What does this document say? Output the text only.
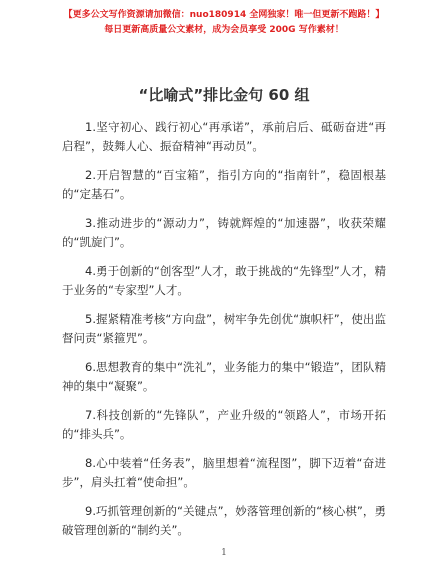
【更多公文写作资源请加微信：nuo180914 全网独家！唯一但更新不跑路！】
每日更新高质量公文素材，成为会员享受 200G 写作素材！
“比喻式”排比金句 60 组
1.坚守初心、践行初心“再承诺”，承前启后、砥砺奋进“再启程”，鼓舞人心、振奋精神“再动员”。
2.开启智慧的“百宝箱”，指引方向的“指南针”，稳固根基的“定基石”。
3.推动进步的“源动力”，铸就辉煌的“加速器”，收获荣耀的“凯旋门”。
4.勇于创新的“创客型”人才，敢于挑战的“先锋型”人才，精于业务的“专家型”人才。
5.握紧精准考核“方向盘”，树牢争先创优“旗帜杆”，使出监督问责“紧箍咒”。
6.思想教育的集中“洗礼”，业务能力的集中“锻造”，团队精神的集中“凝聚”。
7.科技创新的“先锋队”，产业升级的“领路人”，市场开拓的“排头兵”。
8.心中装着“任务表”，脑里想着“流程图”，脚下迈着“奋进步”，肩头扛着“使命担”。
9.巧抓管理创新的“关键点”，妙落管理创新的“核心棋”，勇破管理创新的“制约关”。
1
